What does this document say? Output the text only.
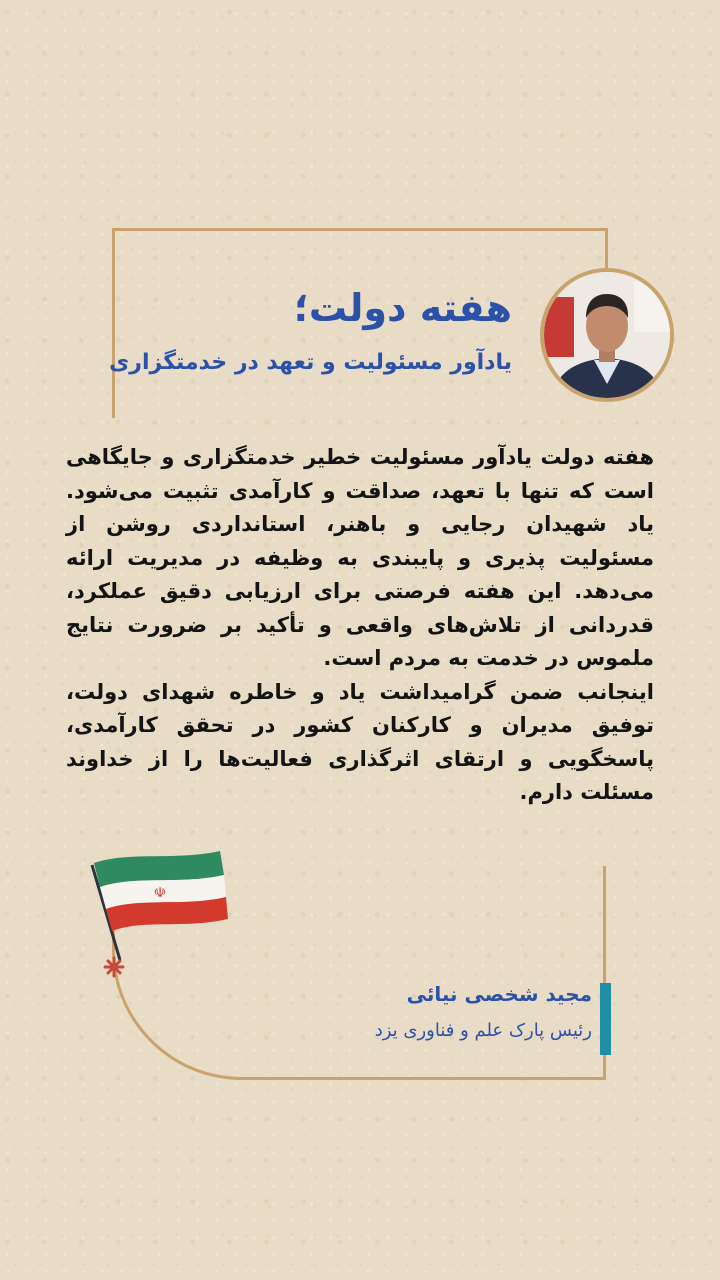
هفته دولت؛
یادآور مسئولیت و تعهد در خدمتگزاری

هفته دولت یادآور مسئولیت خطیر خدمتگزاری و جایگاهی است که تنها با تعهد، صداقت و کارآمدی تثبیت می‌شود. یاد شهیدان رجایی و باهنر، استانداردی روشن از مسئولیت پذیری و پایبندی به وظیفه در مدیریت ارائه می‌دهد. این هفته فرصتی برای ارزیابی دقیق عملکرد، قدردانی از تلاش‌های واقعی و تأکید بر ضرورت نتایج ملموس در خدمت به مردم است.

اینجانب ضمن گرامیداشت یاد و خاطره شهدای دولت، توفیق مدیران و کارکنان کشور در تحقق کارآمدی، پاسخگویی و ارتقای اثرگذاری فعالیت‌ها را از خداوند مسئلت دارم.

☫
مجید شخصی نیائی
رئیس پارک علم و فناوری یزد
